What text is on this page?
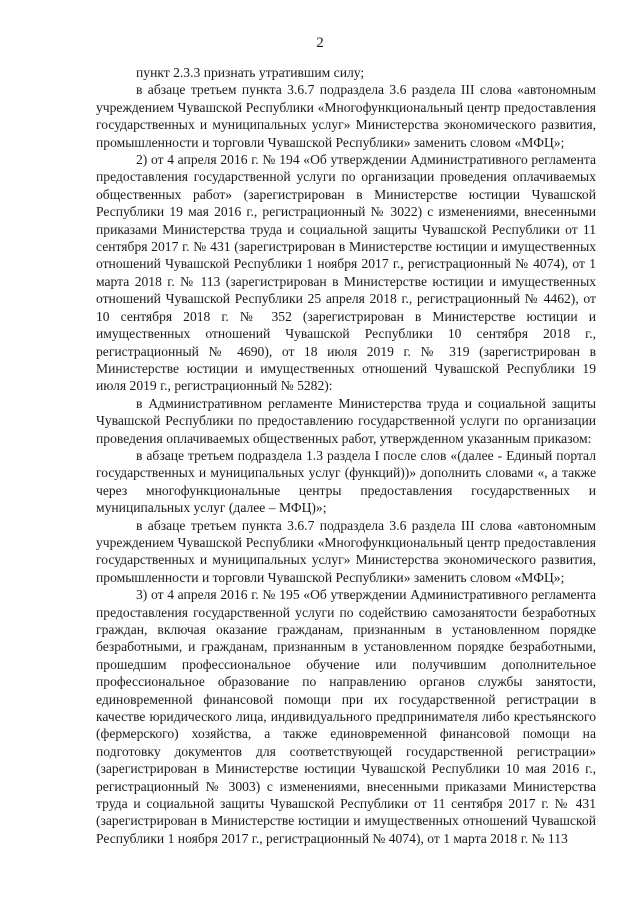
2

пункт 2.3.3 признать утратившим силу;

в абзаце третьем пункта 3.6.7 подраздела 3.6 раздела III слова «автономным учреждением Чувашской Республики «Многофункциональный центр предоставления государственных и муниципальных услуг» Министерства экономического развития, промышленности и торговли Чувашской Республики» заменить словом «МФЦ»;

2) от 4 апреля 2016 г. № 194 «Об утверждении Административного регламента предоставления государственной услуги по организации проведения оплачиваемых общественных работ» (зарегистрирован в Министерстве юстиции Чувашской Республики 19 мая 2016 г., регистрационный № 3022) с изменениями, внесенными приказами Министерства труда и социальной защиты Чувашской Республики от 11 сентября 2017 г. № 431 (зарегистрирован в Министерстве юстиции и имущественных отношений Чувашской Республики 1 ноября 2017 г., регистрационный № 4074), от 1 марта 2018 г. № 113 (зарегистрирован в Министерстве юстиции и имущественных отношений Чувашской Республики 25 апреля 2018 г., регистрационный № 4462), от 10 сентября 2018 г. № 352 (зарегистрирован в Министерстве юстиции и имущественных отношений Чувашской Республики 10 сентября 2018 г., регистрационный № 4690), от 18 июля 2019 г. № 319 (зарегистрирован в Министерстве юстиции и имущественных отношений Чувашской Республики 19 июля 2019 г., регистрационный № 5282):

в Административном регламенте Министерства труда и социальной защиты Чувашской Республики по предоставлению государственной услуги по организации проведения оплачиваемых общественных работ, утвержденном указанным приказом:

в абзаце третьем подраздела 1.3 раздела I после слов «(далее - Единый портал государственных и муниципальных услуг (функций))» дополнить словами «, а также через многофункциональные центры предоставления государственных и муниципальных услуг (далее – МФЦ)»;

в абзаце третьем пункта 3.6.7 подраздела 3.6 раздела III слова «автономным учреждением Чувашской Республики «Многофункциональный центр предоставления государственных и муниципальных услуг» Министерства экономического развития, промышленности и торговли Чувашской Республики» заменить словом «МФЦ»;

3) от 4 апреля 2016 г. № 195 «Об утверждении Административного регламента предоставления государственной услуги по содействию самозанятости безработных граждан, включая оказание гражданам, признанным в установленном порядке безработными, и гражданам, признанным в установленном порядке безработными, прошедшим профессиональное обучение или получившим дополнительное профессиональное образование по направлению органов службы занятости, единовременной финансовой помощи при их государственной регистрации в качестве юридического лица, индивидуального предпринимателя либо крестьянского (фермерского) хозяйства, а также единовременной финансовой помощи на подготовку документов для соответствующей государственной регистрации» (зарегистрирован в Министерстве юстиции Чувашской Республики 10 мая 2016 г., регистрационный № 3003) с изменениями, внесенными приказами Министерства труда и социальной защиты Чувашской Республики от 11 сентября 2017 г. № 431 (зарегистрирован в Министерстве юстиции и имущественных отношений Чувашской Республики 1 ноября 2017 г., регистрационный № 4074), от 1 марта 2018 г. № 113
